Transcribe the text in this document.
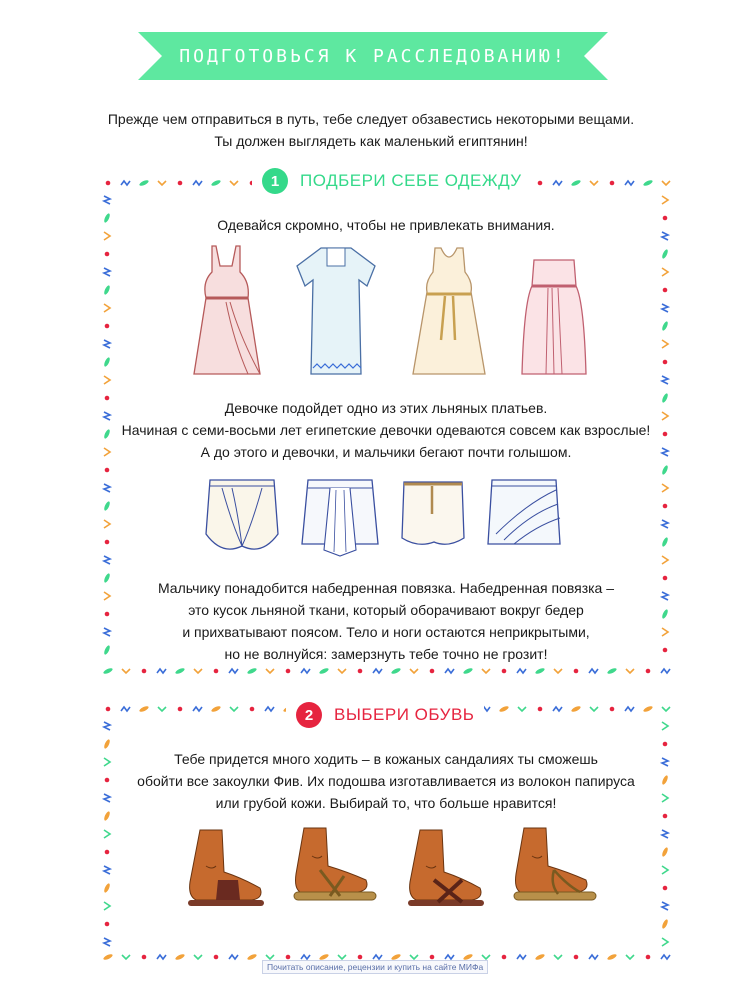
ПОДГОТОВЬСЯ К РАССЛЕДОВАНИЮ!
Прежде чем отправиться в путь, тебе следует обзавестись некоторыми вещами.
Ты должен выглядеть как маленький египтянин!
1	ПОДБЕРИ СЕБЕ ОДЕЖДУ
Одевайся скромно, чтобы не привлекать внимания.
Девочке подойдет одно из этих льняных платьев.
Начиная с семи-восьми лет египетские девочки одеваются совсем как взрослые!
А до этого и девочки, и мальчики бегают почти голышом.
Мальчику понадобится набедренная повязка. Набедренная повязка –
это кусок льняной ткани, который оборачивают вокруг бедер
и прихватывают поясом. Тело и ноги остаются неприкрытыми,
но не волнуйся: замерзнуть тебе точно не грозит!
2	ВЫБЕРИ ОБУВЬ
Тебе придется много ходить – в кожаных сандалиях ты сможешь
обойти все закоулки Фив. Их подошва изготавливается из волокон папируса
или грубой кожи. Выбирай то, что больше нравится!
Почитать описание, рецензии и купить на сайте МИФа
